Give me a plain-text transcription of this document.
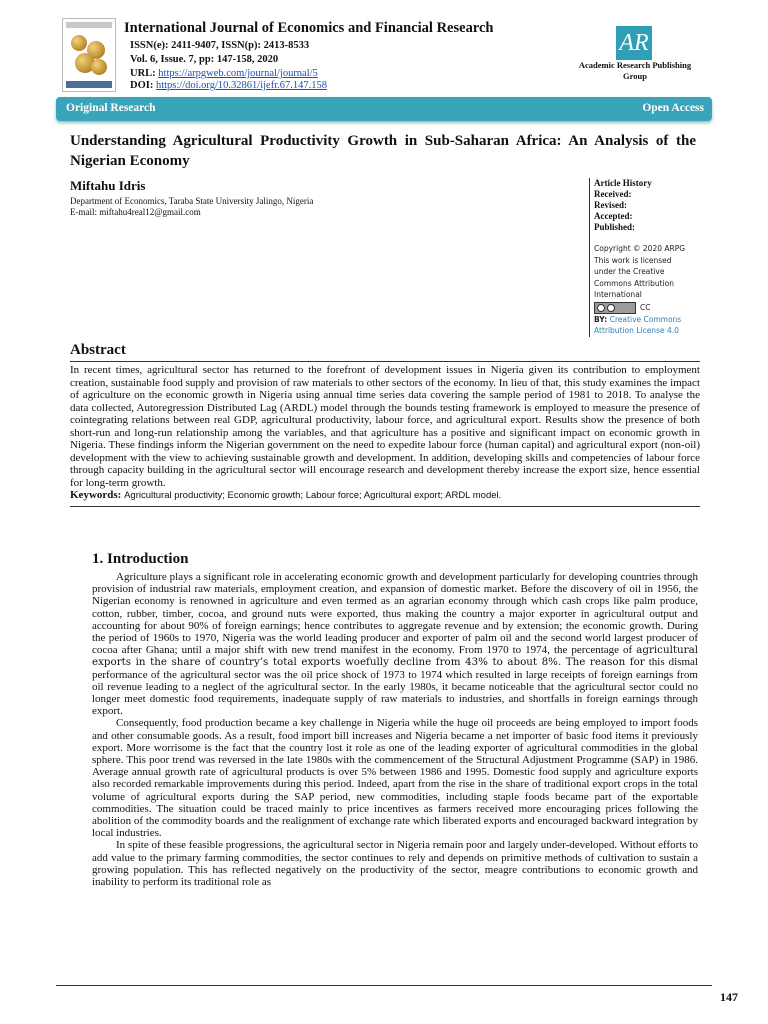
International Journal of Economics and Financial Research
ISSN(e): 2411-9407, ISSN(p): 2413-8533
Vol. 6, Issue. 7, pp: 147-158, 2020
URL: https://arpgweb.com/journal/journal/5
DOI: https://doi.org/10.32861/ijefr.67.147.158
AR
Academic Research Publishing
Group
Original Research	Open Access
Understanding Agricultural Productivity Growth in Sub-Saharan Africa: An Analysis of the Nigerian Economy
Miftahu Idris
Department of Economics, Taraba State University Jalingo, Nigeria
E-mail: miftahu4real12@gmail.com
Article History
Received:
Revised:
Accepted:
Published:
Copyright © 2020 ARPG
This work is licensed
under the Creative
Commons Attribution
International
CC
BY: Creative Commons
Attribution License 4.0
Abstract
In recent times, agricultural sector has returned to the forefront of development issues in Nigeria given its contribution to employment creation, sustainable food supply and provision of raw materials to other sectors of the economy. In lieu of that, this study examines the impact of agriculture on the economic growth in Nigeria using annual time series data covering the sample period of 1981 to 2018. To analyse the data collected, Autoregression Distributed Lag (ARDL) model through the bounds testing framework is employed to measure the presence of cointegrating relations between real GDP, agricultural productivity, labour force, and agricultural export. Results show the presence of both short-run and long-run relationship among the variables, and that agriculture has a positive and significant impact on economic growth in Nigeria. These findings inform the Nigerian government on the need to expedite labour force (human capital) and agricultural export (non-oil) development with the view to achieving sustainable growth and development. In addition, developing skills and competencies of labour force through capacity building in the agricultural sector will encourage research and development thereby increase the export size, hence essential for long-term growth.
Keywords: Agricultural productivity; Economic growth; Labour force; Agricultural export; ARDL model.
1. Introduction

Agriculture plays a significant role in accelerating economic growth and development particularly for developing countries through provision of industrial raw materials, employment creation, and expansion of domestic market. Before the discovery of oil in 1956, the Nigerian economy is renowned in agriculture and even termed as an agrarian economy through which cash crops like palm produce, cotton, rubber, timber, cocoa, and ground nuts were exported, thus making the country a major exporter in agricultural output and accounting for about 90% of foreign earnings; hence contributes to aggregate revenue and by extension; the economic growth. During the period of 1960s to 1970, Nigeria was the world leading producer and exporter of palm oil and the second world largest producer of cocoa after Ghana; until a major shift with new trend manifest in the economy. From 1970 to 1974, the percentage of agricultural exports in the share of country’s total exports woefully decline from 43% to about 8%. The reason for this dismal performance of the agricultural sector was the oil price shock of 1973 to 1974 which resulted in large receipts of foreign earnings from oil revenue leading to a neglect of the agricultural sector. In the early 1980s, it became noticeable that the agricultural sector could no longer meet domestic food requirements, inadequate supply of raw materials to industries, and shortfalls in foreign earnings through export.

Consequently, food production became a key challenge in Nigeria while the huge oil proceeds are being employed to import foods and other consumable goods. As a result, food import bill increases and Nigeria became a net importer of basic food items it previously export. More worrisome is the fact that the country lost it role as one of the leading exporter of agricultural commodities in the global sphere. This poor trend was reversed in the late 1980s with the commencement of the Structural Adjustment Programme (SAP) in 1986. Average annual growth rate of agricultural products is over 5% between 1986 and 1995. Domestic food supply and agriculture exports also recorded remarkable improvements during this period. Indeed, apart from the rise in the share of traditional export crops in the total volume of agricultural exports during the SAP period, new commodities, including staple foods became part of the exportable commodities. The situation could be traced mainly to price incentives as farmers received more encouraging prices following the abolition of the commodity boards and the realignment of exchange rate which liberated exports and encouraged backward integration by local industries.

In spite of these feasible progressions, the agricultural sector in Nigeria remain poor and largely under-developed. Without efforts to add value to the primary farming commodities, the sector continues to rely and depends on primitive methods of cultivation to sustain a growing population. This has reflected negatively on the productivity of the sector, meagre contributions to economic growth and inability to perform its traditional role as

147
